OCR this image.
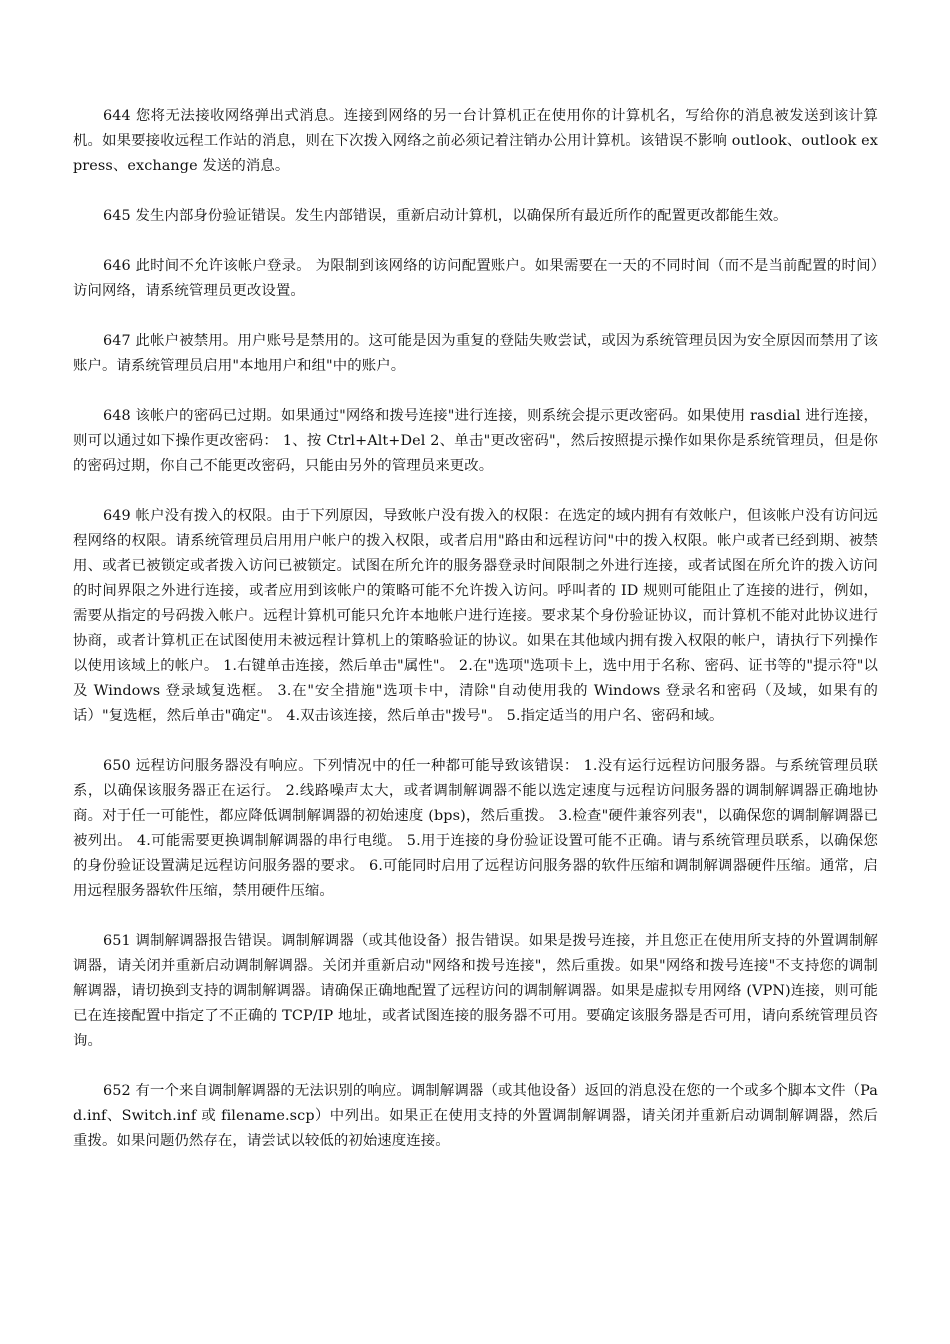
644 您将无法接收网络弹出式消息。连接到网络的另一台计算机正在使用你的计算机名，写给你的消息被发送到该计算机。如果要接收远程工作站的消息，则在下次拨入网络之前必须记着注销办公用计算机。该错误不影响 outlook、outlook express、exchange 发送的消息。

645 发生内部身份验证错误。发生内部错误，重新启动计算机，以确保所有最近所作的配置更改都能生效。

646 此时间不允许该帐户登录。 为限制到该网络的访问配置账户。如果需要在一天的不同时间（而不是当前配置的时间）访问网络，请系统管理员更改设置。

647 此帐户被禁用。用户账号是禁用的。这可能是因为重复的登陆失败尝试，或因为系统管理员因为安全原因而禁用了该账户。请系统管理员启用"本地用户和组"中的账户。

648 该帐户的密码已过期。如果通过"网络和拨号连接"进行连接，则系统会提示更改密码。如果使用 rasdial 进行连接，则可以通过如下操作更改密码： 1、按 Ctrl+Alt+Del 2、单击"更改密码"，然后按照提示操作如果你是系统管理员，但是你的密码过期，你自己不能更改密码，只能由另外的管理员来更改。

649 帐户没有拨入的权限。由于下列原因，导致帐户没有拨入的权限：在选定的域内拥有有效帐户，但该帐户没有访问远程网络的权限。请系统管理员启用用户帐户的拨入权限，或者启用"路由和远程访问"中的拨入权限。帐户或者已经到期、被禁用、或者已被锁定或者拨入访问已被锁定。试图在所允许的服务器登录时间限制之外进行连接，或者试图在所允许的拨入访问的时间界限之外进行连接，或者应用到该帐户的策略可能不允许拨入访问。呼叫者的 ID 规则可能阻止了连接的进行，例如，需要从指定的号码拨入帐户。远程计算机可能只允许本地帐户进行连接。要求某个身份验证协议，而计算机不能对此协议进行协商，或者计算机正在试图使用未被远程计算机上的策略验证的协议。如果在其他域内拥有拨入权限的帐户，请执行下列操作以使用该域上的帐户。 1.右键单击连接，然后单击"属性"。 2.在"选项"选项卡上，选中用于名称、密码、证书等的"提示符"以及 Windows 登录域复选框。 3.在"安全措施"选项卡中，清除"自动使用我的 Windows 登录名和密码（及域，如果有的话）"复选框，然后单击"确定"。 4.双击该连接，然后单击"拨号"。 5.指定适当的用户名、密码和域。

650 远程访问服务器没有响应。下列情况中的任一种都可能导致该错误： 1.没有运行远程访问服务器。与系统管理员联系，以确保该服务器正在运行。 2.线路噪声太大，或者调制解调器不能以选定速度与远程访问服务器的调制解调器正确地协商。对于任一可能性，都应降低调制解调器的初始速度 (bps)，然后重拨。 3.检查"硬件兼容列表"，以确保您的调制解调器已被列出。 4.可能需要更换调制解调器的串行电缆。 5.用于连接的身份验证设置可能不正确。请与系统管理员联系，以确保您的身份验证设置满足远程访问服务器的要求。 6.可能同时启用了远程访问服务器的软件压缩和调制解调器硬件压缩。通常，启用远程服务器软件压缩，禁用硬件压缩。

651 调制解调器报告错误。调制解调器（或其他设备）报告错误。如果是拨号连接，并且您正在使用所支持的外置调制解调器，请关闭并重新启动调制解调器。关闭并重新启动"网络和拨号连接"，然后重拨。如果"网络和拨号连接"不支持您的调制解调器，请切换到支持的调制解调器。请确保正确地配置了远程访问的调制解调器。如果是虚拟专用网络 (VPN)连接，则可能已在连接配置中指定了不正确的 TCP/IP 地址，或者试图连接的服务器不可用。要确定该服务器是否可用，请向系统管理员咨询。

652 有一个来自调制解调器的无法识别的响应。调制解调器（或其他设备）返回的消息没在您的一个或多个脚本文件（Pad.inf、Switch.inf 或 filename.scp）中列出。如果正在使用支持的外置调制解调器，请关闭并重新启动调制解调器，然后重拨。如果问题仍然存在，请尝试以较低的初始速度连接。
